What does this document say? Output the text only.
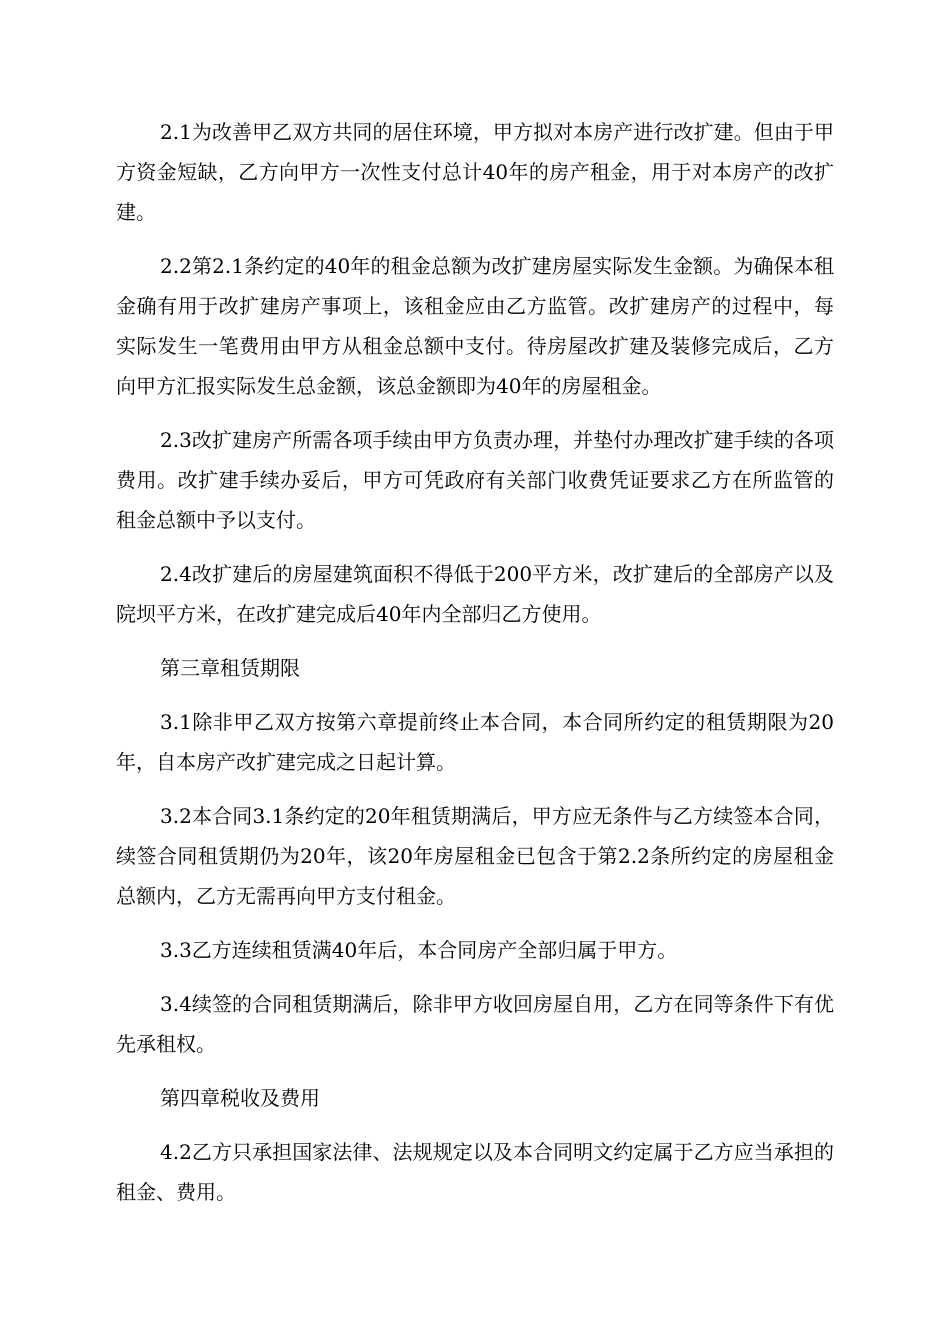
2.1为改善甲乙双方共同的居住环境，甲方拟对本房产进行改扩建。但由于甲方资金短缺，乙方向甲方一次性支付总计40年的房产租金，用于对本房产的改扩建。

2.2第2.1条约定的40年的租金总额为改扩建房屋实际发生金额。为确保本租金确有用于改扩建房产事项上，该租金应由乙方监管。改扩建房产的过程中，每实际发生一笔费用由甲方从租金总额中支付。待房屋改扩建及装修完成后，乙方向甲方汇报实际发生总金额，该总金额即为40年的房屋租金。

2.3改扩建房产所需各项手续由甲方负责办理，并垫付办理改扩建手续的各项费用。改扩建手续办妥后，甲方可凭政府有关部门收费凭证要求乙方在所监管的租金总额中予以支付。

2.4改扩建后的房屋建筑面积不得低于200平方米，改扩建后的全部房产以及院坝平方米，在改扩建完成后40年内全部归乙方使用。

第三章租赁期限

3.1除非甲乙双方按第六章提前终止本合同，本合同所约定的租赁期限为20年，自本房产改扩建完成之日起计算。

3.2本合同3.1条约定的20年租赁期满后，甲方应无条件与乙方续签本合同，续签合同租赁期仍为20年，该20年房屋租金已包含于第2.2条所约定的房屋租金总额内，乙方无需再向甲方支付租金。

3.3乙方连续租赁满40年后，本合同房产全部归属于甲方。

3.4续签的合同租赁期满后，除非甲方收回房屋自用，乙方在同等条件下有优先承租权。

第四章税收及费用

4.2乙方只承担国家法律、法规规定以及本合同明文约定属于乙方应当承担的租金、费用。
